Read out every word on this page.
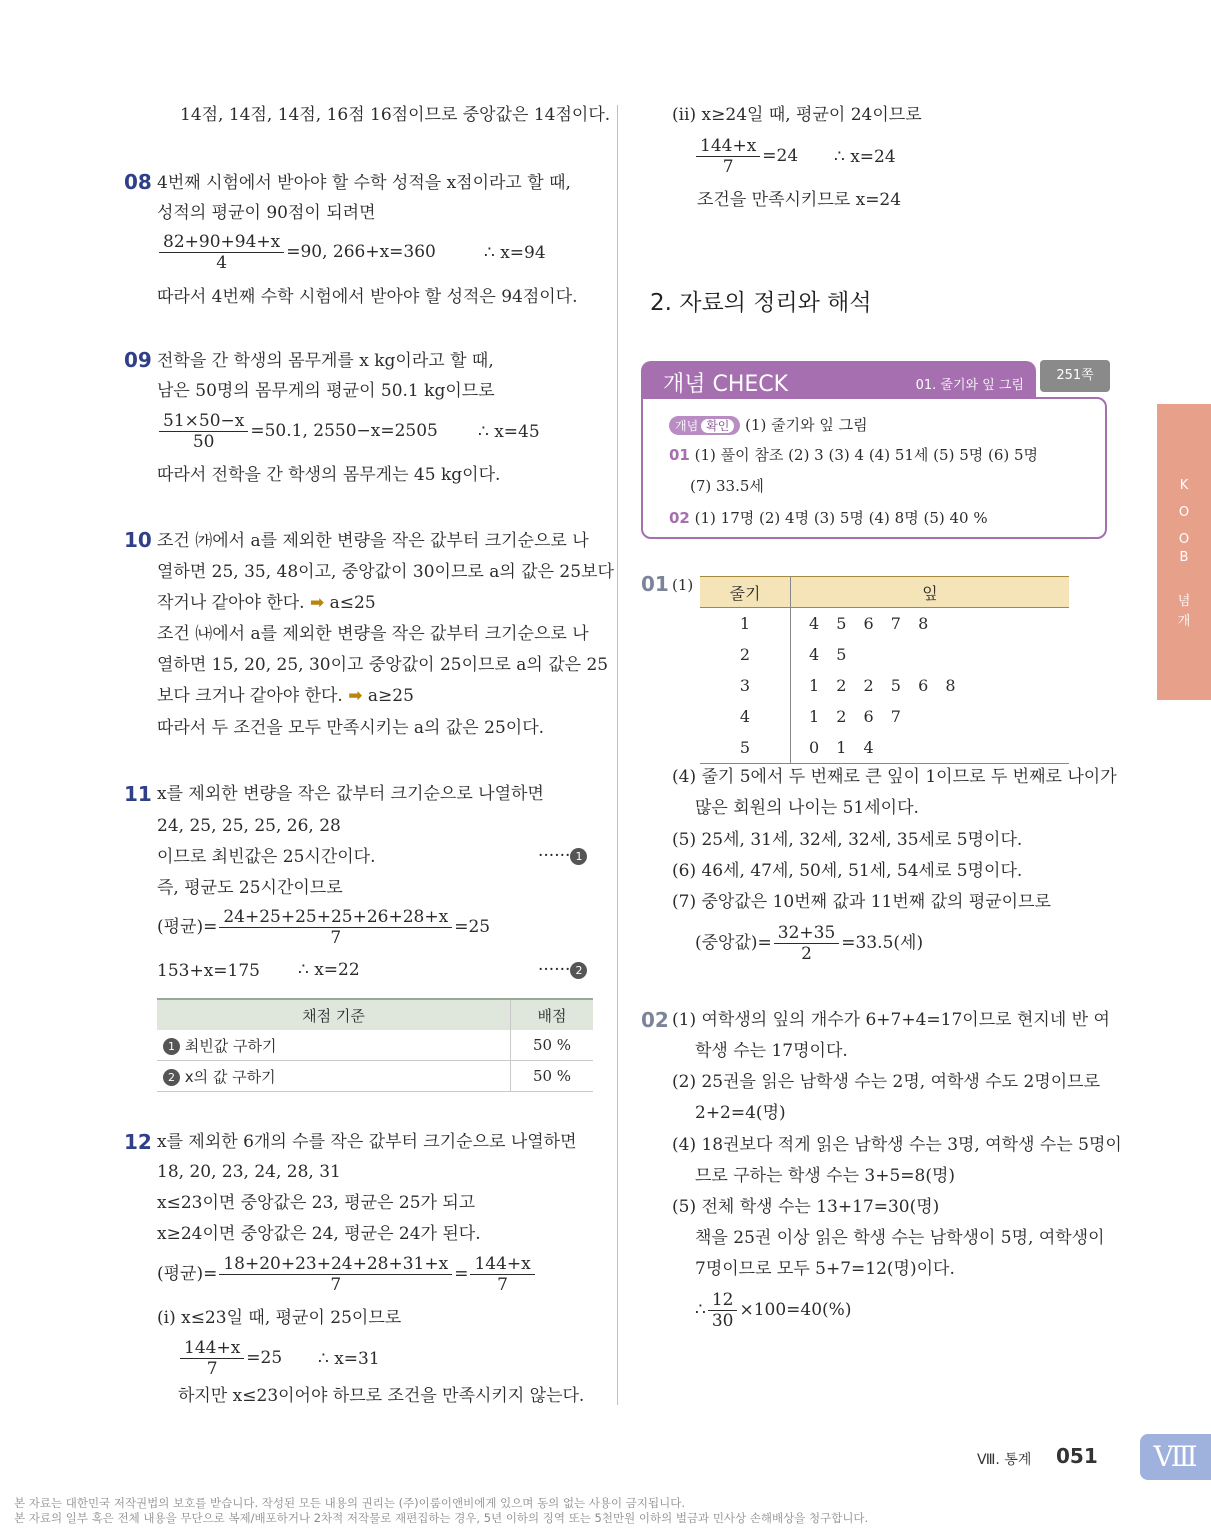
14점, 14점, 14점, 16점 16점이므로 중앙값은 14점이다.
08 4번째 시험에서 받아야 할 수학 성적을 x점이라고 할 때,
성적의 평균이 90점이 되려면
$\frac{82+90+94+x}{4} =90$, 266+x=360	∴ x=94
따라서 4번째 수학 시험에서 받아야 할 성적은 94점이다.
09 전학을 간 학생의 몸무게를 x kg이라고 할 때,
남은 50명의 몸무게의 평균이 50.1 kg이므로
$\frac{51\times 50-x}{50} =50.1$, 2550−x=2505 ∴ x=45
따라서 전학을 간 학생의 몸무게는 45 kg이다.
10 조건 ㈎에서 a를 제외한 변량을 작은 값부터 크기순으로 나
열하면 25, 35, 48이고, 중앙값이 30이므로 a의 값은 25보다
작거나 같아야 한다. ➡ a≤25
조건 ㈏에서 a를 제외한 변량을 작은 값부터 크기순으로 나
열하면 15, 20, 25, 30이고 중앙값이 25이므로 a의 값은 25
보다 크거나 같아야 한다. ➡ a≥25
따라서 두 조건을 모두 만족시키는 a의 값은 25이다.
11 x를 제외한 변량을 작은 값부터 크기순으로 나열하면
24, 25, 25, 25, 26, 28
이므로 최빈값은 25시간이다.	······ 1
즉, 평균도 25시간이므로
(평균)= $\frac{24+25+25+25+26+28+x}{7} =25$
153+x=175 ∴ x=22	······ 2
채점 기준	배점
1 최빈값 구하기	50 %
2 x의 값 구하기	50 %
12 x를 제외한 6개의 수를 작은 값부터 크기순으로 나열하면
18, 20, 23, 24, 28, 31
x≤23이면 중앙값은 23, 평균은 25가 되고
x≥24이면 중앙값은 24, 평균은 24가 된다.
(평균)= $\frac{18+20+23+24+28+31+x}{7} = \frac{144+x}{7}$
(ⅰ) x≤23일 때, 평균이 25이므로
$\frac{144+x}{7} =25$ ∴ x=31
하지만 x≤23이어야 하므로 조건을 만족시키지 않는다.
(ⅱ) x≥24일 때, 평균이 24이므로
$\frac{144+x}{7} =24$ ∴ x=24
조건을 만족시키므로 x=24
2. 자료의 정리와 해석
개념 CHECK	01. 줄기와 잎 그림
251쪽
개념 확인 (1) 줄기와 잎 그림
01 (1) 풀이 참조 (2) 3 (3) 4 (4) 51세 (5) 5명 (6) 5명
(7) 33.5세
02 (1) 17명 (2) 4명 (3) 5명 (4) 8명 (5) 40 %
01 (1) 줄기	잎
1	4 5 6 7 8
2	4 5
3	1 2 2 5 6 8
4	1 2 6 7
5	0 1 4
(4) 줄기 5에서 두 번째로 큰 잎이 1이므로 두 번째로 나이가
많은 회원의 나이는 51세이다.
(5) 25세, 31세, 32세, 32세, 35세로 5명이다.
(6) 46세, 47세, 50세, 51세, 54세로 5명이다.
(7) 중앙값은 10번째 값과 11번째 값의 평균이므로
(중앙값)= $\frac{32+35}{2} =33.5$(세)
02 (1) 여학생의 잎의 개수가 6+7+4=17이므로 현지네 반 여
학생 수는 17명이다.
(2) 25권을 읽은 남학생 수는 2명, 여학생 수도 2명이므로
2+2=4(명)
(4) 18권보다 적게 읽은 남학생 수는 3명, 여학생 수는 5명이
므로 구하는 학생 수는 3+5=8(명)
(5) 전체 학생 수는 13+17=30(명)
책을 25권 이상 읽은 학생 수는 남학생이 5명, 여학생이
7명이므로 모두 5+7=12(명)이다.
∴ $\frac{12}{30} \times 100=40(\%)$
K
O
O
B
념
개
Ⅷ. 통계 051	Ⅷ
본 자료는 대한민국 저작권법의 보호를 받습니다. 작성된 모든 내용의 권리는 (주)이룸이앤비에게 있으며 동의 없는 사용이 금지됩니다.
본 자료의 일부 혹은 전체 내용을 무단으로 복제/배포하거나 2차적 저작물로 재편집하는 경우, 5년 이하의 징역 또는 5천만원 이하의 벌금과 민사상 손해배상을 청구합니다.
